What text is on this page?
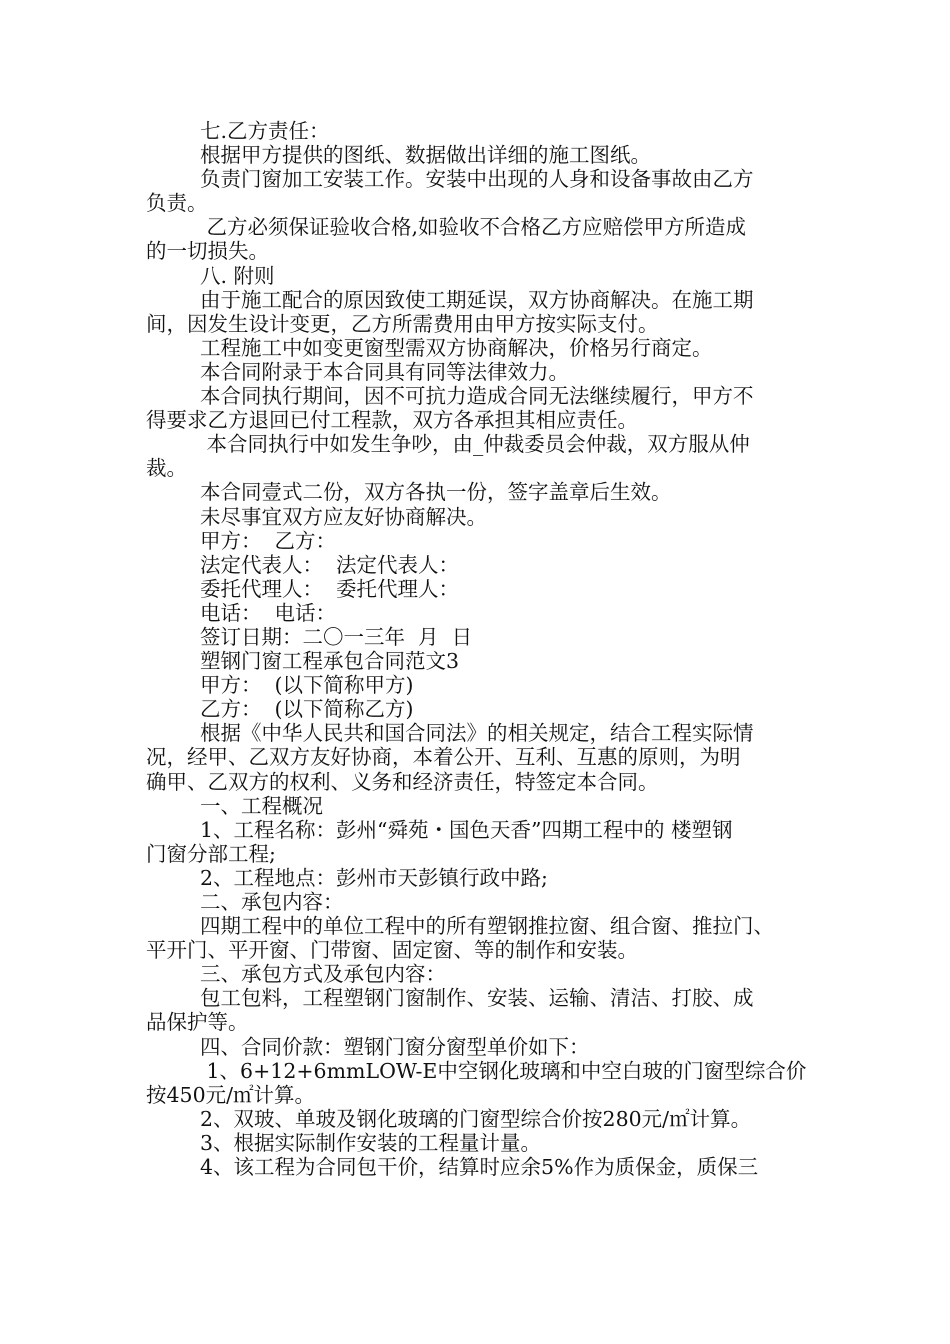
七.乙方责任：
根据甲方提供的图纸、数据做出详细的施工图纸。
负责门窗加工安装工作。安装中出现的人身和设备事故由乙方
负责。
乙方必须保证验收合格,如验收不合格乙方应赔偿甲方所造成
的一切损失。
八. 附则
由于施工配合的原因致使工期延误，双方协商解决。在施工期
间，因发生设计变更，乙方所需费用由甲方按实际支付。
工程施工中如变更窗型需双方协商解决，价格另行商定。
本合同附录于本合同具有同等法律效力。
本合同执行期间，因不可抗力造成合同无法继续履行，甲方不
得要求乙方退回已付工程款，双方各承担其相应责任。
本合同执行中如发生争吵，由_仲裁委员会仲裁，双方服从仲
裁。
本合同壹式二份，双方各执一份，签字盖章后生效。
未尽事宜双方应友好协商解决。
甲方：  乙方：
法定代表人：  法定代表人：
委托代理人：  委托代理人：
电话：  电话：
签订日期：二〇一三年  月  日
塑钢门窗工程承包合同范文3
甲方：  (以下简称甲方)
乙方：  (以下简称乙方)
根据《中华人民共和国合同法》的相关规定，结合工程实际情
况，经甲、乙双方友好协商，本着公开、互利、互惠的原则，为明
确甲、乙双方的权利、义务和经济责任，特签定本合同。
一、工程概况
1、工程名称：彭州“舜苑・国色天香”四期工程中的 楼塑钢
门窗分部工程;
2、工程地点：彭州市天彭镇行政中路;
二、承包内容：
四期工程中的单位工程中的所有塑钢推拉窗、组合窗、推拉门、
平开门、平开窗、门带窗、固定窗、等的制作和安装。
三、承包方式及承包内容：
包工包料，工程塑钢门窗制作、安装、运输、清洁、打胶、成
品保护等。
四、合同价款：塑钢门窗分窗型单价如下：
1、6+12+6mmLOW-E中空钢化玻璃和中空白玻的门窗型综合价
按450元/㎡计算。
2、双玻、单玻及钢化玻璃的门窗型综合价按280元/㎡计算。
3、根据实际制作安装的工程量计量。
4、该工程为合同包干价，结算时应余5%作为质保金，质保三
